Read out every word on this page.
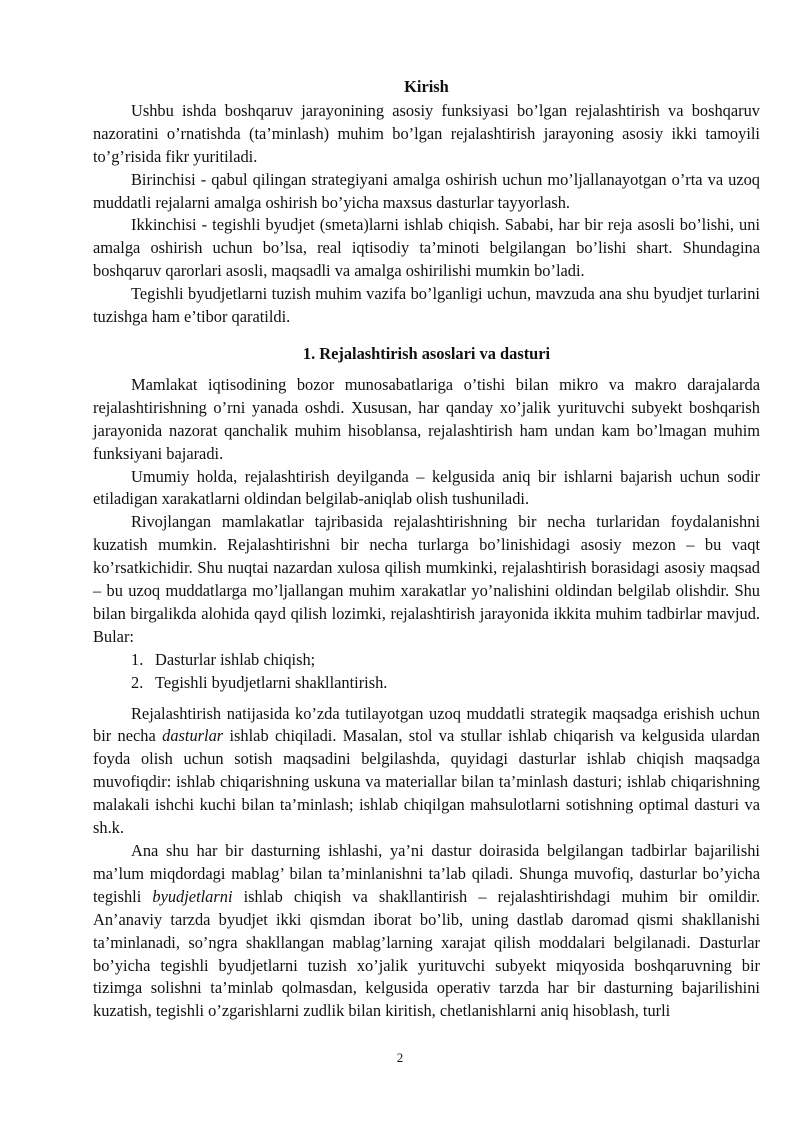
Kirish

Ushbu ishda boshqaruv jarayonining asosiy funksiyasi bo’lgan rejalashtirish va boshqaruv nazoratini o’rnatishda (ta’minlash) muhim bo’lgan rejalashtirish jarayoning asosiy ikki tamoyili to’g’risida fikr yuritiladi.

Birinchisi - qabul qilingan strategiyani amalga oshirish uchun mo’ljallanayotgan o’rta va uzoq muddatli rejalarni amalga oshirish bo’yicha maxsus dasturlar tayyorlash.

Ikkinchisi - tegishli byudjet (smeta)larni ishlab chiqish. Sababi, har bir reja asosli bo’lishi, uni amalga oshirish uchun bo’lsa, real iqtisodiy ta’minoti belgilangan bo’lishi shart. Shundagina boshqaruv qarorlari asosli, maqsadli va amalga oshirilishi mumkin bo’ladi.

Tegishli byudjetlarni tuzish muhim vazifa bo’lganligi uchun, mavzuda ana shu byudjet turlarini tuzishga ham e’tibor qaratildi.

1. Rejalashtirish asoslari va dasturi

Mamlakat iqtisodining bozor munosabatlariga o’tishi bilan mikro va makro darajalarda rejalashtirishning o’rni yanada oshdi. Xususan, har qanday xo’jalik yurituvchi subyekt boshqarish jarayonida nazorat qanchalik muhim hisoblansa, rejalashtirish ham undan kam bo’lmagan muhim funksiyani bajaradi.

Umumiy holda, rejalashtirish deyilganda – kelgusida aniq bir ishlarni bajarish uchun sodir etiladigan xarakatlarni oldindan belgilab-aniqlab olish tushuniladi.

Rivojlangan mamlakatlar tajribasida rejalashtirishning bir necha turlaridan foydalanishni kuzatish mumkin. Rejalashtirishni bir necha turlarga bo’linishidagi asosiy mezon – bu vaqt ko’rsatkichidir. Shu nuqtai nazardan xulosa qilish mumkinki, rejalashtirish borasidagi asosiy maqsad – bu uzoq muddatlarga mo’ljallangan muhim xarakatlar yo’nalishini oldindan belgilab olishdir. Shu bilan birgalikda alohida qayd qilish lozimki, rejalashtirish jarayonida ikkita muhim tadbirlar mavjud. Bular:

1. Dasturlar ishlab chiqish;
2. Tegishli byudjetlarni shakllantirish.

Rejalashtirish natijasida ko’zda tutilayotgan uzoq muddatli strategik maqsadga erishish uchun bir necha dasturlar ishlab chiqiladi. Masalan, stol va stullar ishlab chiqarish va kelgusida ulardan foyda olish uchun sotish maqsadini belgilashda, quyidagi dasturlar ishlab chiqish maqsadga muvofiqdir: ishlab chiqarishning uskuna va materiallar bilan ta’minlash dasturi; ishlab chiqarishning malakali ishchi kuchi bilan ta’minlash; ishlab chiqilgan mahsulotlarni sotishning optimal dasturi va sh.k.

Ana shu har bir dasturning ishlashi, ya’ni dastur doirasida belgilangan tadbirlar bajarilishi ma’lum miqdordagi mablag’ bilan ta’minlanishni ta’lab qiladi. Shunga muvofiq, dasturlar bo’yicha tegishli byudjetlarni ishlab chiqish va shakllantirish – rejalashtirishdagi muhim bir omildir. An’anaviy tarzda byudjet ikki qismdan iborat bo’lib, uning dastlab daromad qismi shakllanishi ta’minlanadi, so’ngra shakllangan mablag’larning xarajat qilish moddalari belgilanadi. Dasturlar bo’yicha tegishli byudjetlarni tuzish xo’jalik yurituvchi subyekt miqyosida boshqaruvning bir tizimga solishni ta’minlab qolmasdan, kelgusida operativ tarzda har bir dasturning bajarilishini kuzatish, tegishli o’zgarishlarni zudlik bilan kiritish, chetlanishlarni aniq hisoblash, turli

2
